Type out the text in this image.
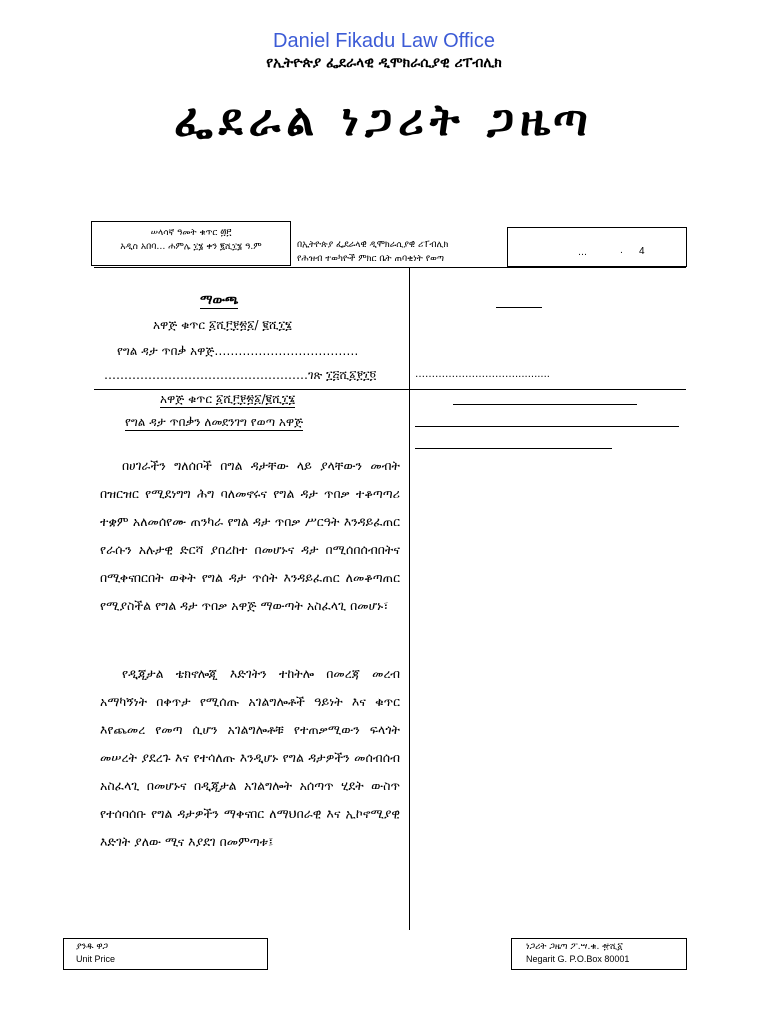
Daniel Fikadu Law Office
የኢትዮጵያ ፌደራላዊ ዲሞክራሲያዊ ሪፐብሊክ
ፌደራል ነጋሪት ጋዜጣ
ሠላሳኛ ዓመት ቁጥር ፴፫
አዲስ አበባ… ሐምሌ ፲፮ ቀን ፪ሺ፲፮ ዓ.ም	በኢትዮጵያ ፌደራላዊ ዲሞክራሲያዊ ሪፐብሊክ
የሕዝብ ተወካዮች ምክር ቤት ጠባቂነት የወጣ
…	. 4
ማውጫ
አዋጅ ቁጥር ፩ሺ፫፻፳፩/ ፪ሺ፲፮
የግል ዳታ ጥበቃ አዋጅ………………………………
……………………………………………ገጽ ፲፭ሺ፩፻፲፬	…………………………...........
አዋጅ ቁጥር ፩ሺ፫፻፳፩/፪ሺ፲፮
የግል ዳታ ጥበቃን ለመደንገግ የወጣ አዋጅ
በሀገራችን ግለሰቦች በግል ዳታቸው ላይ ያላቸውን መብት በዝርዝር የሚደነግግ ሕግ ባለመኖሩና የግል ዳታ ጥበቃ ተቆጣጣሪ ተቋም አለመሰየሙ ጠንካራ የግል ዳታ ጥበቃ ሥርዓት እንዳይፈጠር የራሱን አሉታዊ ድርሻ ያበረከተ በመሆኑና ዳታ በሚሰበሰብበትና በሚቀናበርበት ወቅት የግል ዳታ ጥሰት እንዳይፈጠር ለመቆጣጠር የሚያስችል የግል ዳታ ጥበቃ አዋጅ ማውጣት አስፈላጊ በመሆኑ፣
የዲጂታል ቴክኖሎጂ እድገትን ተከትሎ በመረጃ መረብ አማካኝነት በቀጥታ የሚሰጡ አገልግሎቶች ዓይነት እና ቁጥር እየጨመረ የመጣ ሲሆን አገልግሎቶቹ የተጠቃሚውን ፍላጎት መሠረት ያደረጉ እና የተሳለጡ እንዲሆኑ የግል ዳታዎችን መሰብሰብ አስፈላጊ በመሆኑና በዲጂታል አገልግሎት አሰጣጥ ሂደት ውስጥ የተሰባሰቡ የግል ዳታዎችን ማቀናበር ለማህበራዊ እና ኢኮኖሚያዊ እድገት ያለው ሚና እያደገ በመምጣቱ፤
ያንዱ ዋጋ
Unit Price
ነጋሪት ጋዜጣ ፖ.ሣ.ቁ. ፹ሺ፩
Negarit G. P.O.Box 80001
